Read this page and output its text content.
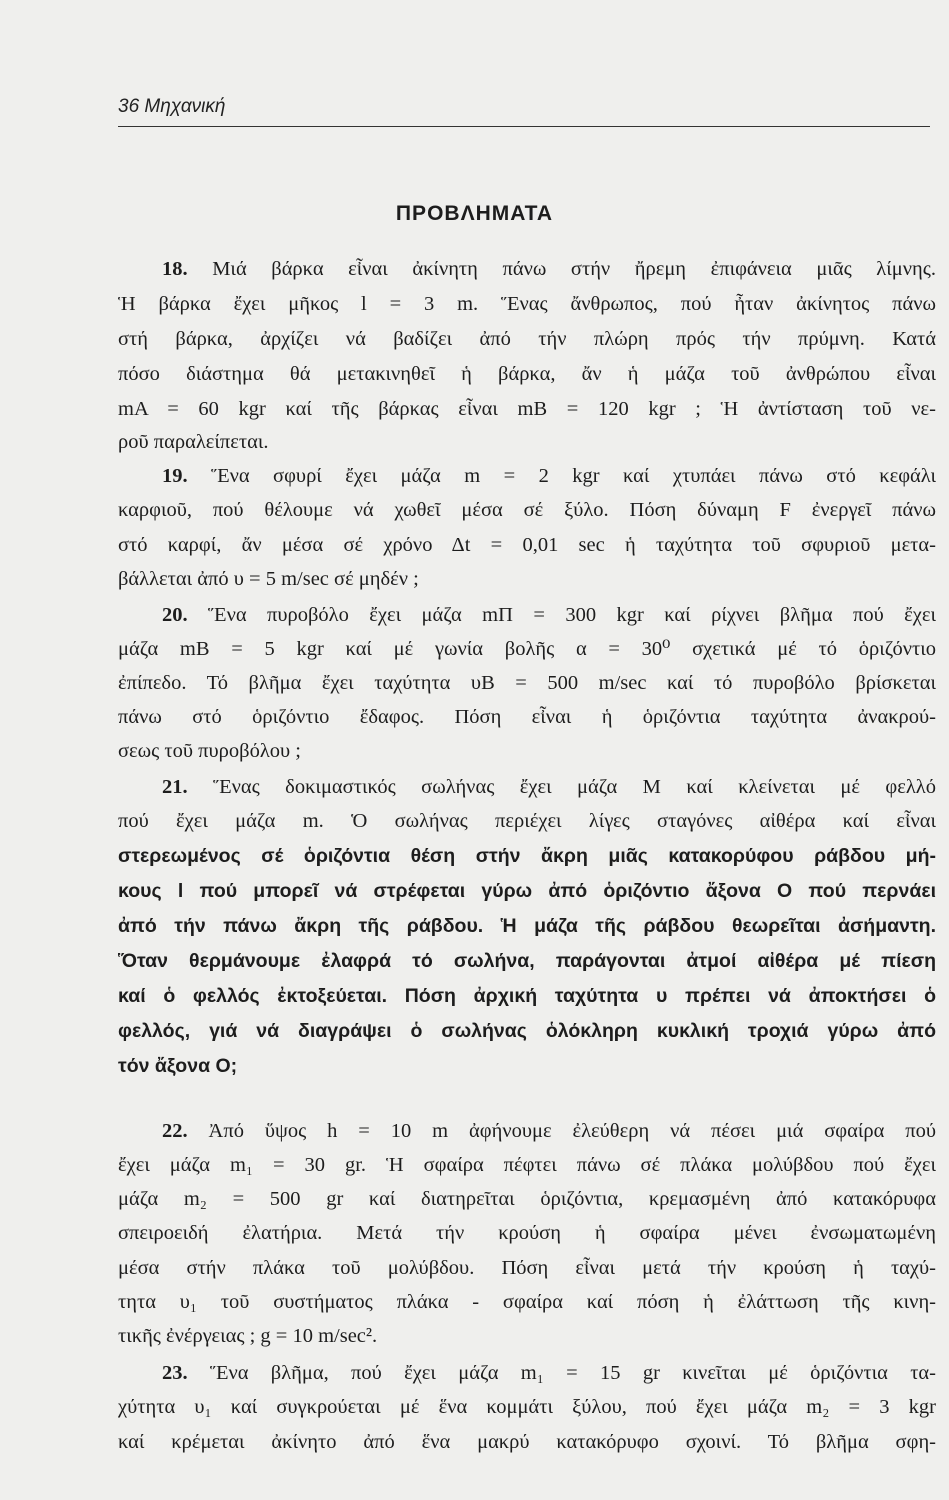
36 Μηχανική
ΠΡΟΒΛΗΜΑΤΑ
18. Μιά βάρκα εἶναι ἀκίνητη πάνω στήν ἤρεμη ἐπιφάνεια μιᾶς λίμνης.
Ἡ βάρκα ἔχει μῆκος l = 3 m. Ἕνας ἄνθρωπος, πού ἦταν ἀκίνητος πάνω
στή βάρκα, ἀρχίζει νά βαδίζει ἀπό τήν πλώρη πρός τήν πρύμνη. Κατά
πόσο διάστημα θά μετακινηθεῖ ἡ βάρκα, ἄν ἡ μάζα τοῦ ἀνθρώπου εἶναι
mA = 60 kgr καί τῆς βάρκας εἶναι mB = 120 kgr ; Ἡ ἀντίσταση τοῦ νε-
ροῦ παραλείπεται.
19. Ἕνα σφυρί ἔχει μάζα m = 2 kgr καί χτυπάει πάνω στό κεφάλι
καρφιοῦ, πού θέλουμε νά χωθεῖ μέσα σέ ξύλο. Πόση δύναμη F ἐνεργεῖ πάνω
στό καρφί, ἄν μέσα σέ χρόνο Δt = 0,01 sec ἡ ταχύτητα τοῦ σφυριοῦ μετα-
βάλλεται ἀπό υ = 5 m/sec σέ μηδέν ;
20. Ἕνα πυροβόλο ἔχει μάζα mΠ = 300 kgr καί ρίχνει βλῆμα πού ἔχει
μάζα mB = 5 kgr καί μέ γωνία βολῆς α = 30⁰ σχετικά μέ τό ὁριζόντιο
ἐπίπεδο. Τό βλῆμα ἔχει ταχύτητα υB = 500 m/sec καί τό πυροβόλο βρίσκεται
πάνω στό ὁριζόντιο ἔδαφος. Πόση εἶναι ἡ ὁριζόντια ταχύτητα ἀνακρού-
σεως τοῦ πυροβόλου ;
21. Ἕνας δοκιμαστικός σωλήνας ἔχει μάζα M καί κλείνεται μέ φελλό
πού ἔχει μάζα m. Ὁ σωλήνας περιέχει λίγες σταγόνες αἰθέρα καί εἶναι
στερεωμένος σέ ὁριζόντια θέση στήν ἄκρη μιᾶς κατακορύφου ράβδου μή-
κους l πού μπορεῖ νά στρέφεται γύρω ἀπό ὁριζόντιο ἄξονα O πού περνάει
ἀπό τήν πάνω ἄκρη τῆς ράβδου. Ἡ μάζα τῆς ράβδου θεωρεῖται ἀσήμαντη.
Ὅταν θερμάνουμε ἐλαφρά τό σωλήνα, παράγονται ἀτμοί αἰθέρα μέ πίεση
καί ὁ φελλός ἐκτοξεύεται. Πόση ἀρχική ταχύτητα υ πρέπει νά ἀποκτήσει ὁ
φελλός, γιά νά διαγράψει ὁ σωλήνας ὁλόκληρη κυκλική τροχιά γύρω ἀπό
τόν ἄξονα O;
22. Ἀπό ὕψος h = 10 m ἀφήνουμε ἐλεύθερη νά πέσει μιά σφαίρα πού
ἔχει μάζα m₁ = 30 gr. Ἡ σφαίρα πέφτει πάνω σέ πλάκα μολύβδου πού ἔχει
μάζα m₂ = 500 gr καί διατηρεῖται ὁριζόντια, κρεμασμένη ἀπό κατακόρυφα
σπειροειδή ἐλατήρια. Μετά τήν κρούση ἡ σφαίρα μένει ἐνσωματωμένη
μέσα στήν πλάκα τοῦ μολύβδου. Πόση εἶναι μετά τήν κρούση ἡ ταχύ-
τητα υ₁ τοῦ συστήματος πλάκα - σφαίρα καί πόση ἡ ἐλάττωση τῆς κινη-
τικῆς ἐνέργειας ; g = 10 m/sec².
23. Ἕνα βλῆμα, πού ἔχει μάζα m₁ = 15 gr κινεῖται μέ ὁριζόντια τα-
χύτητα υ₁ καί συγκρούεται μέ ἕνα κομμάτι ξύλου, πού ἔχει μάζα m₂ = 3 kgr
καί κρέμεται ἀκίνητο ἀπό ἕνα μακρύ κατακόρυφο σχοινί. Τό βλῆμα σφη-
